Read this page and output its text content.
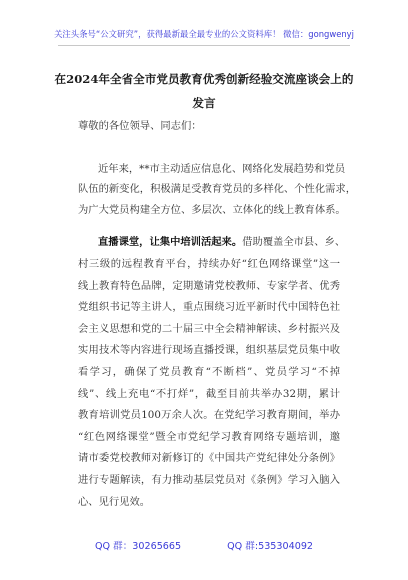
关注头条号“公文研究”，获得最新最全最专业的公文资料库！ 微信：gongwenyj
在2024年全省全市党员教育优秀创新经验交流座谈会上的
发言
尊敬的各位领导、同志们：
近年来，**市主动适应信息化、网络化发展趋势和党员
队伍的新变化，积极满足受教育党员的多样化、个性化需求，
为广大党员构建全方位、多层次、立体化的线上教育体系。
直播课堂，让集中培训活起来。借助覆盖全市县、乡、
村三级的远程教育平台，持续办好“红色网络课堂”这一
线上教育特色品牌，定期邀请党校教师、专家学者、优秀
党组织书记等主讲人，重点围绕习近平新时代中国特色社
会主义思想和党的二十届三中全会精神解读、乡村振兴及
实用技术等内容进行现场直播授课，组织基层党员集中收
看学习，确保了党员教育“不断档”、党员学习“不掉
线”、线上充电“不打烊”，截至目前共举办32期，累计
教育培训党员100万余人次。在党纪学习教育期间，举办
“红色网络课堂”暨全市党纪学习教育网络专题培训，邀
请市委党校教师对新修订的《中国共产党纪律处分条例》
进行专题解读，有力推动基层党员对《条例》学习入脑入
心、见行见效。
QQ 群：30265665	QQ 群:535304092
